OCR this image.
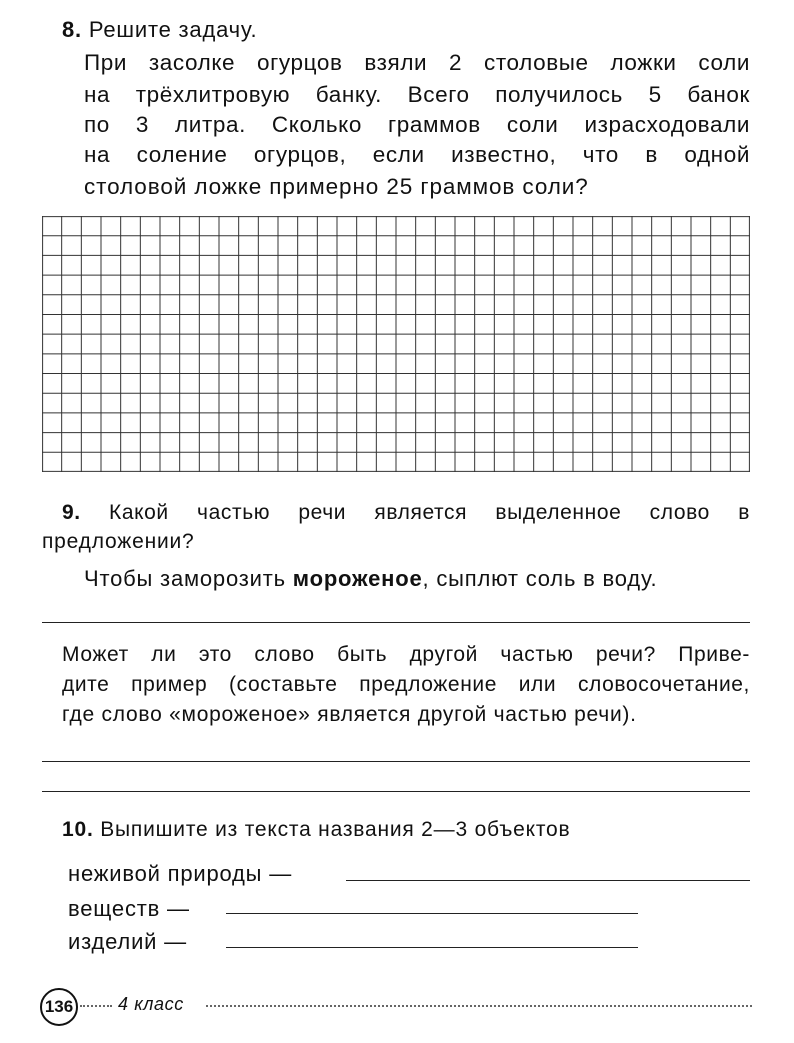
8. Решите задачу.
При засолке огурцов взяли 2 столовые ложки соли
на трёхлитровую банку. Всего получилось 5 банок
по 3 литра. Сколько граммов соли израсходовали
на соление огурцов, если известно, что в одной
столовой ложке примерно 25 граммов соли?
9. Какой частью речи является выделенное слово в
предложении?
Чтобы заморозить мороженое, сыплют соль в воду.
Может ли это слово быть другой частью речи? Приве-
дите пример (составьте предложение или словосочетание,
где слово «мороженое» является другой частью речи).
10. Выпишите из текста названия 2—3 объектов
неживой природы —
веществ —
изделий —
136 4 класс
